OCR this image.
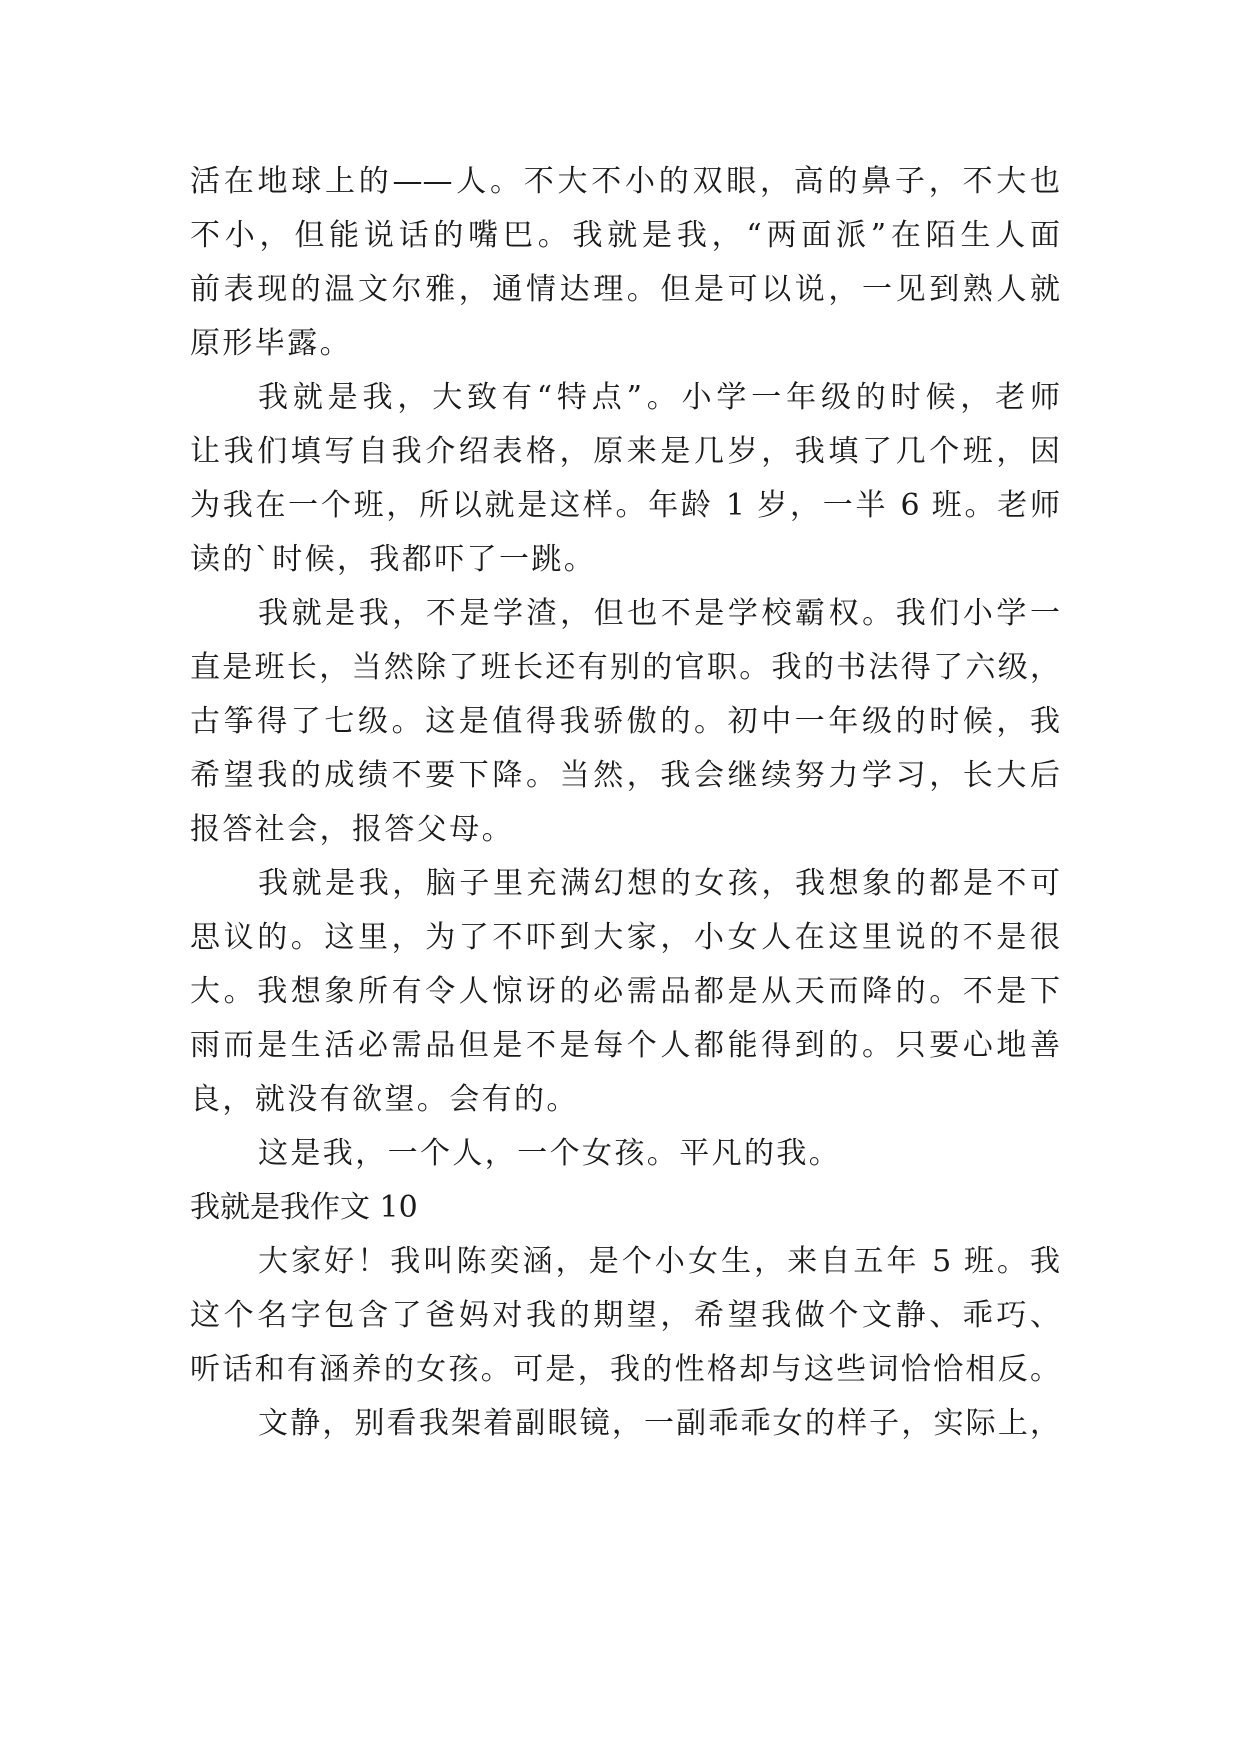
活在地球上的——人。不大不小的双眼，高的鼻子，不大也
不小，但能说话的嘴巴。我就是我，“两面派”在陌生人面
前表现的温文尔雅，通情达理。但是可以说，一见到熟人就
原形毕露。
我就是我，大致有“特点”。小学一年级的时候，老师
让我们填写自我介绍表格，原来是几岁，我填了几个班，因
为我在一个班，所以就是这样。年龄 1 岁，一半 6 班。老师
读的`时候，我都吓了一跳。
我就是我，不是学渣，但也不是学校霸权。我们小学一
直是班长，当然除了班长还有别的官职。我的书法得了六级，
古筝得了七级。这是值得我骄傲的。初中一年级的时候，我
希望我的成绩不要下降。当然，我会继续努力学习，长大后
报答社会，报答父母。
我就是我，脑子里充满幻想的女孩，我想象的都是不可
思议的。这里，为了不吓到大家，小女人在这里说的不是很
大。我想象所有令人惊讶的必需品都是从天而降的。不是下
雨而是生活必需品但是不是每个人都能得到的。只要心地善
良，就没有欲望。会有的。
这是我，一个人，一个女孩。平凡的我。
我就是我作文 10
大家好！我叫陈奕涵，是个小女生，来自五年 5 班。我
这个名字包含了爸妈对我的期望，希望我做个文静、乖巧、
听话和有涵养的女孩。可是，我的性格却与这些词恰恰相反。
文静，别看我架着副眼镜，一副乖乖女的样子，实际上，
